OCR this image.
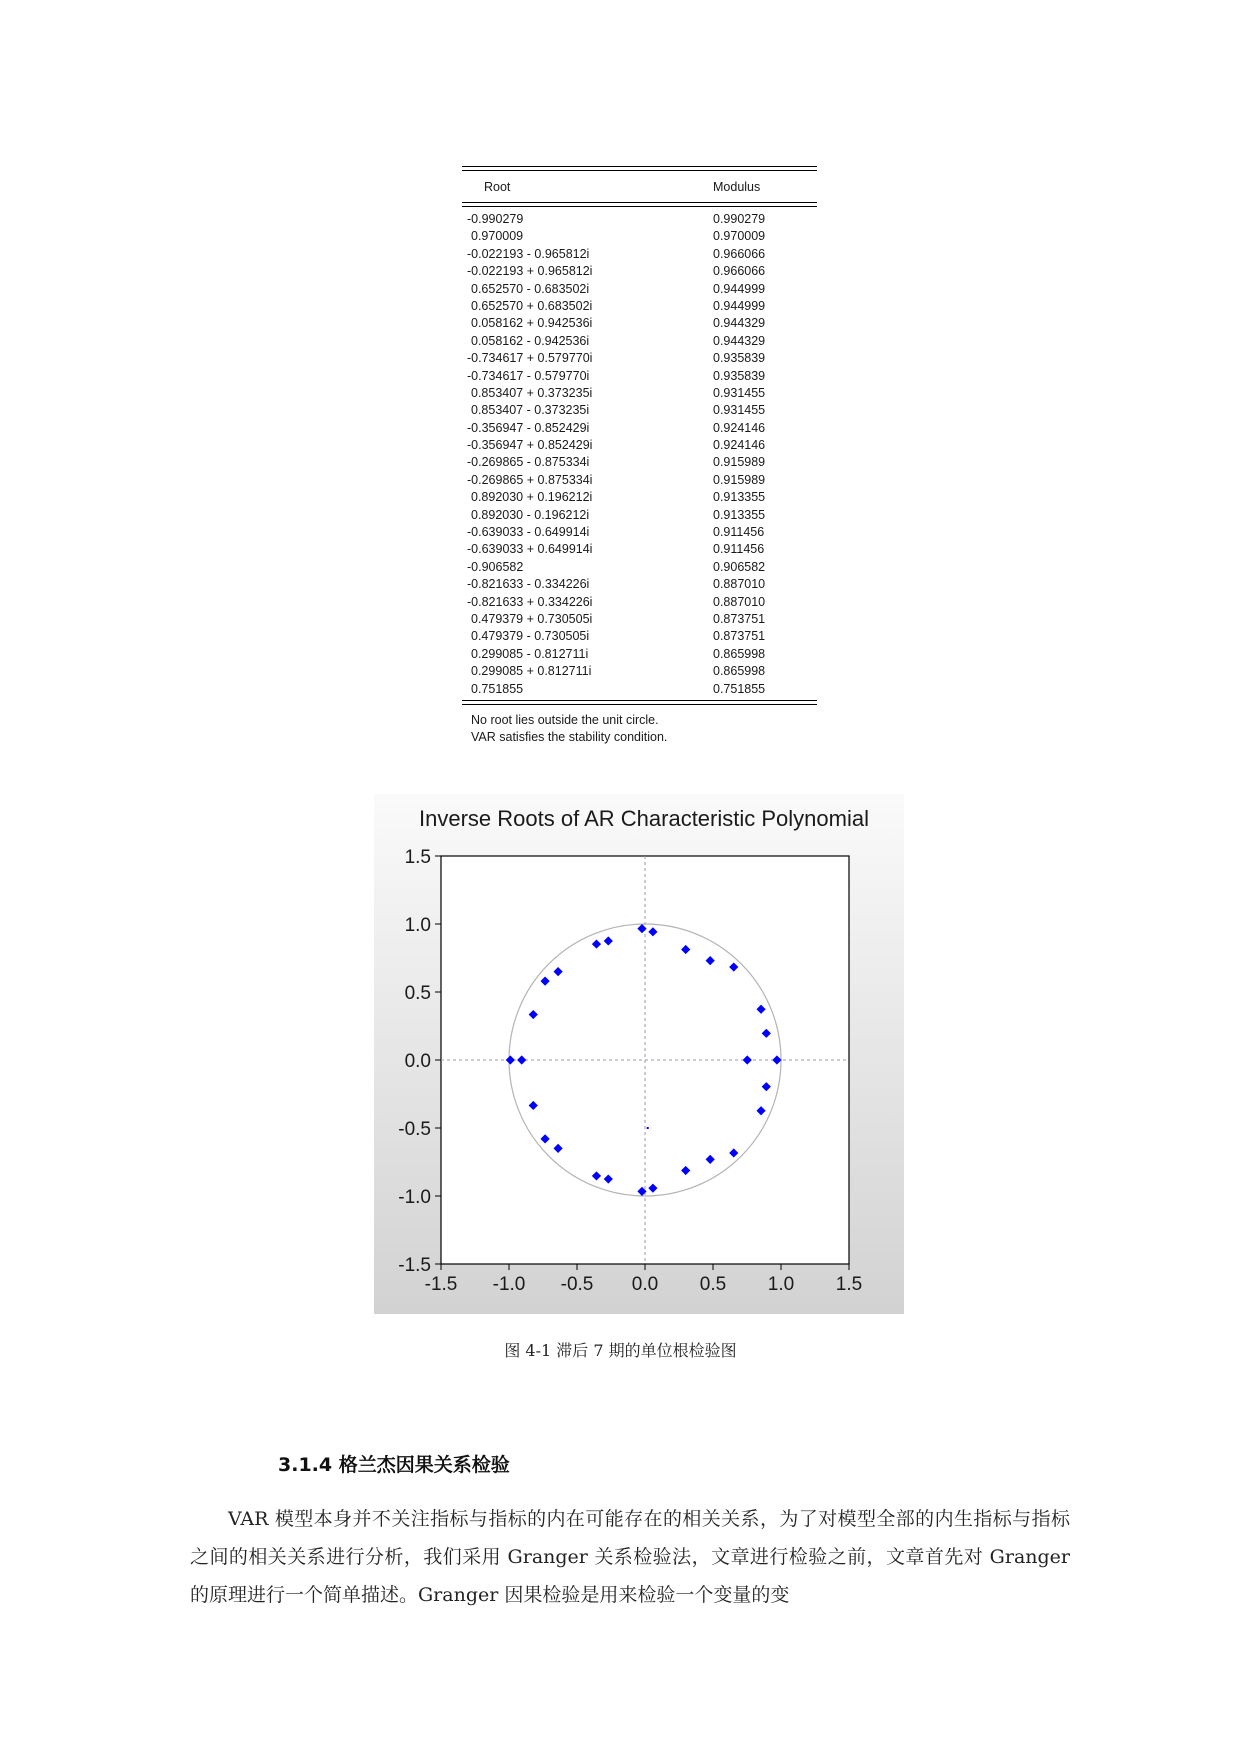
Root	Modulus
-0.990279	0.990279
0.970009	0.970009
-0.022193 - 0.965812i	0.966066
-0.022193 + 0.965812i	0.966066
0.652570 - 0.683502i	0.944999
0.652570 + 0.683502i	0.944999
0.058162 + 0.942536i	0.944329
0.058162 - 0.942536i	0.944329
-0.734617 + 0.579770i	0.935839
-0.734617 - 0.579770i	0.935839
0.853407 + 0.373235i	0.931455
0.853407 - 0.373235i	0.931455
-0.356947 - 0.852429i	0.924146
-0.356947 + 0.852429i	0.924146
-0.269865 - 0.875334i	0.915989
-0.269865 + 0.875334i	0.915989
0.892030 + 0.196212i	0.913355
0.892030 - 0.196212i	0.913355
-0.639033 - 0.649914i	0.911456
-0.639033 + 0.649914i	0.911456
-0.906582	0.906582
-0.821633 - 0.334226i	0.887010
-0.821633 + 0.334226i	0.887010
0.479379 + 0.730505i	0.873751
0.479379 - 0.730505i	0.873751
0.299085 - 0.812711i	0.865998
0.299085 + 0.812711i	0.865998
0.751855	0.751855
No root lies outside the unit circle.
VAR satisfies the stability condition.
Inverse Roots of AR Characteristic Polynomial
-1.5 -1.0 -0.5 0.0 0.5 1.0 1.5
1.5
1.0
0.5
0.0
-0.5
-1.0
-1.5
图 4-1 滞后 7 期的单位根检验图
3.1.4 格兰杰因果关系检验

VAR 模型本身并不关注指标与指标的内在可能存在的相关关系，为了对模型全部的内生指标与指标之间的相关关系进行分析，我们采用 Granger 关系检验法，文章进行检验之前，文章首先对 Granger 的原理进行一个简单描述。Granger 因果检验是用来检验一个变量的变
